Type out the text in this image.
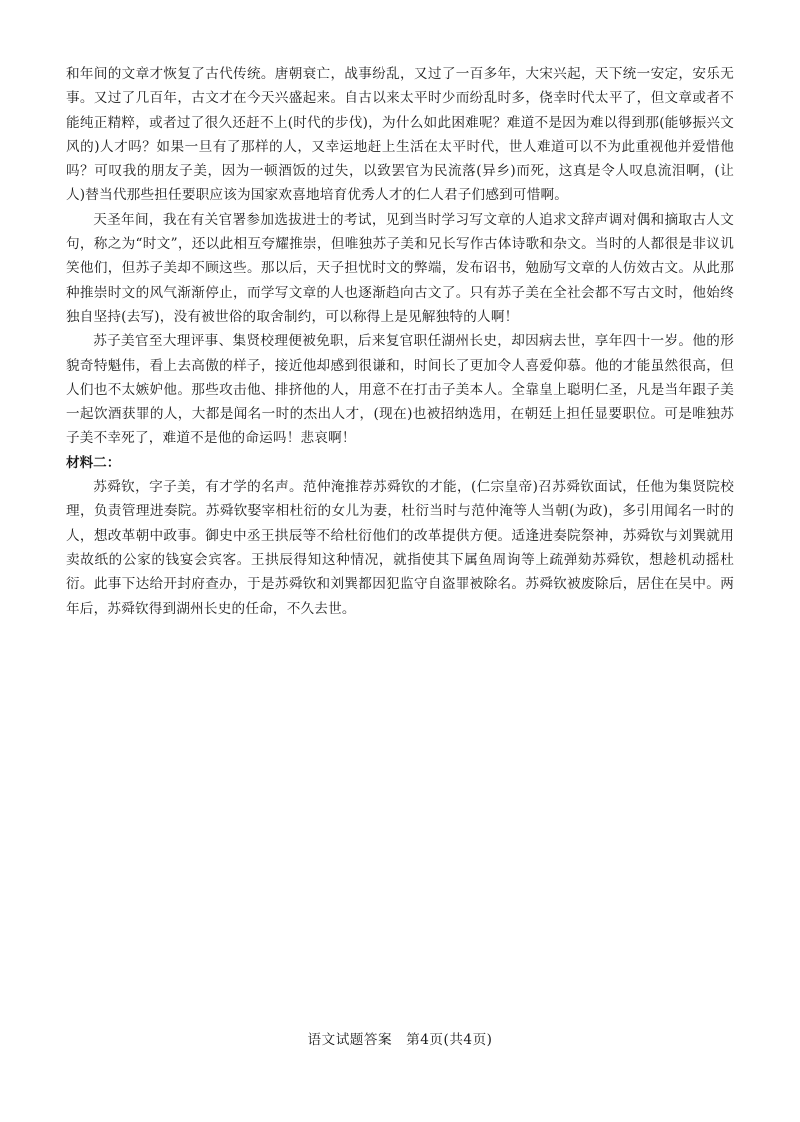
和年间的文章才恢复了古代传统。唐朝衰亡，战事纷乱，又过了一百多年，大宋兴起，天下统一安定，安乐无事。又过了几百年，古文才在今天兴盛起来。自古以来太平时少而纷乱时多，侥幸时代太平了，但文章或者不能纯正精粹，或者过了很久还赶不上(时代的步伐)，为什么如此困难呢？难道不是因为难以得到那(能够振兴文风的)人才吗？如果一旦有了那样的人，又幸运地赶上生活在太平时代，世人难道可以不为此重视他并爱惜他吗？可叹我的朋友子美，因为一顿酒饭的过失，以致罢官为民流落(异乡)而死，这真是令人叹息流泪啊，(让人)替当代那些担任要职应该为国家欢喜地培育优秀人才的仁人君子们感到可惜啊。

天圣年间，我在有关官署参加选拔进士的考试，见到当时学习写文章的人追求文辞声调对偶和摘取古人文句，称之为“时文”，还以此相互夸耀推崇，但唯独苏子美和兄长写作古体诗歌和杂文。当时的人都很是非议讥笑他们，但苏子美却不顾这些。那以后，天子担忧时文的弊端，发布诏书，勉励写文章的人仿效古文。从此那种推崇时文的风气渐渐停止，而学写文章的人也逐渐趋向古文了。只有苏子美在全社会都不写古文时，他始终独自坚持(去写)，没有被世俗的取舍制约，可以称得上是见解独特的人啊！

苏子美官至大理评事、集贤校理便被免职，后来复官职任湖州长史，却因病去世，享年四十一岁。他的形貌奇特魁伟，看上去高傲的样子，接近他却感到很谦和，时间长了更加令人喜爱仰慕。他的才能虽然很高，但人们也不太嫉妒他。那些攻击他、排挤他的人，用意不在打击子美本人。全靠皇上聪明仁圣，凡是当年跟子美一起饮酒获罪的人，大都是闻名一时的杰出人才，(现在)也被招纳选用，在朝廷上担任显要职位。可是唯独苏子美不幸死了，难道不是他的命运吗！悲哀啊！

材料二：

苏舜钦，字子美，有才学的名声。范仲淹推荐苏舜钦的才能，(仁宗皇帝)召苏舜钦面试，任他为集贤院校理，负责管理进奏院。苏舜钦娶宰相杜衍的女儿为妻，杜衍当时与范仲淹等人当朝(为政)，多引用闻名一时的人，想改革朝中政事。御史中丞王拱辰等不给杜衍他们的改革提供方便。适逢进奏院祭神，苏舜钦与刘巽就用卖故纸的公家的钱宴会宾客。王拱辰得知这种情况，就指使其下属鱼周询等上疏弹劾苏舜钦，想趁机动摇杜衍。此事下达给开封府查办，于是苏舜钦和刘巽都因犯监守自盗罪被除名。苏舜钦被废除后，居住在吴中。两年后，苏舜钦得到湖州长史的任命，不久去世。

语文试题答案　第4页(共4页)
